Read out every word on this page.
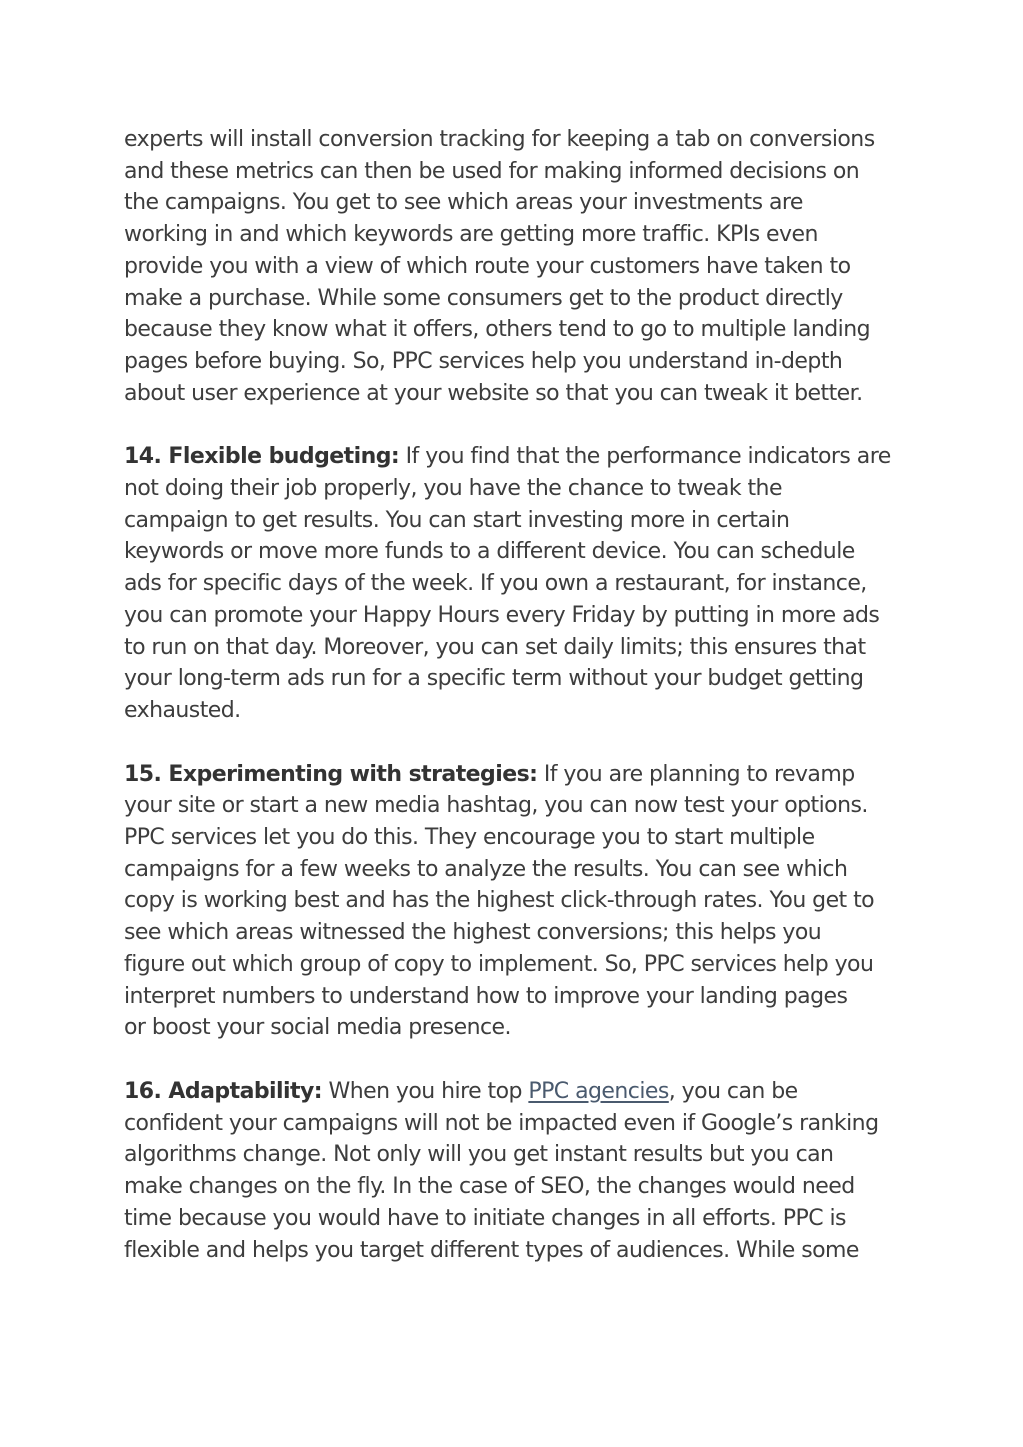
experts will install conversion tracking for keeping a tab on conversions
and these metrics can then be used for making informed decisions on
the campaigns. You get to see which areas your investments are
working in and which keywords are getting more traffic. KPIs even
provide you with a view of which route your customers have taken to
make a purchase. While some consumers get to the product directly
because they know what it offers, others tend to go to multiple landing
pages before buying. So, PPC services help you understand in-depth
about user experience at your website so that you can tweak it better.

14. Flexible budgeting: If you find that the performance indicators are
not doing their job properly, you have the chance to tweak the
campaign to get results. You can start investing more in certain
keywords or move more funds to a different device. You can schedule
ads for specific days of the week. If you own a restaurant, for instance,
you can promote your Happy Hours every Friday by putting in more ads
to run on that day. Moreover, you can set daily limits; this ensures that
your long-term ads run for a specific term without your budget getting
exhausted.

15. Experimenting with strategies: If you are planning to revamp
your site or start a new media hashtag, you can now test your options.
PPC services let you do this. They encourage you to start multiple
campaigns for a few weeks to analyze the results. You can see which
copy is working best and has the highest click-through rates. You get to
see which areas witnessed the highest conversions; this helps you
figure out which group of copy to implement. So, PPC services help you
interpret numbers to understand how to improve your landing pages
or boost your social media presence.

16. Adaptability: When you hire top PPC agencies, you can be
confident your campaigns will not be impacted even if Google’s ranking
algorithms change. Not only will you get instant results but you can
make changes on the fly. In the case of SEO, the changes would need
time because you would have to initiate changes in all efforts. PPC is
flexible and helps you target different types of audiences. While some
